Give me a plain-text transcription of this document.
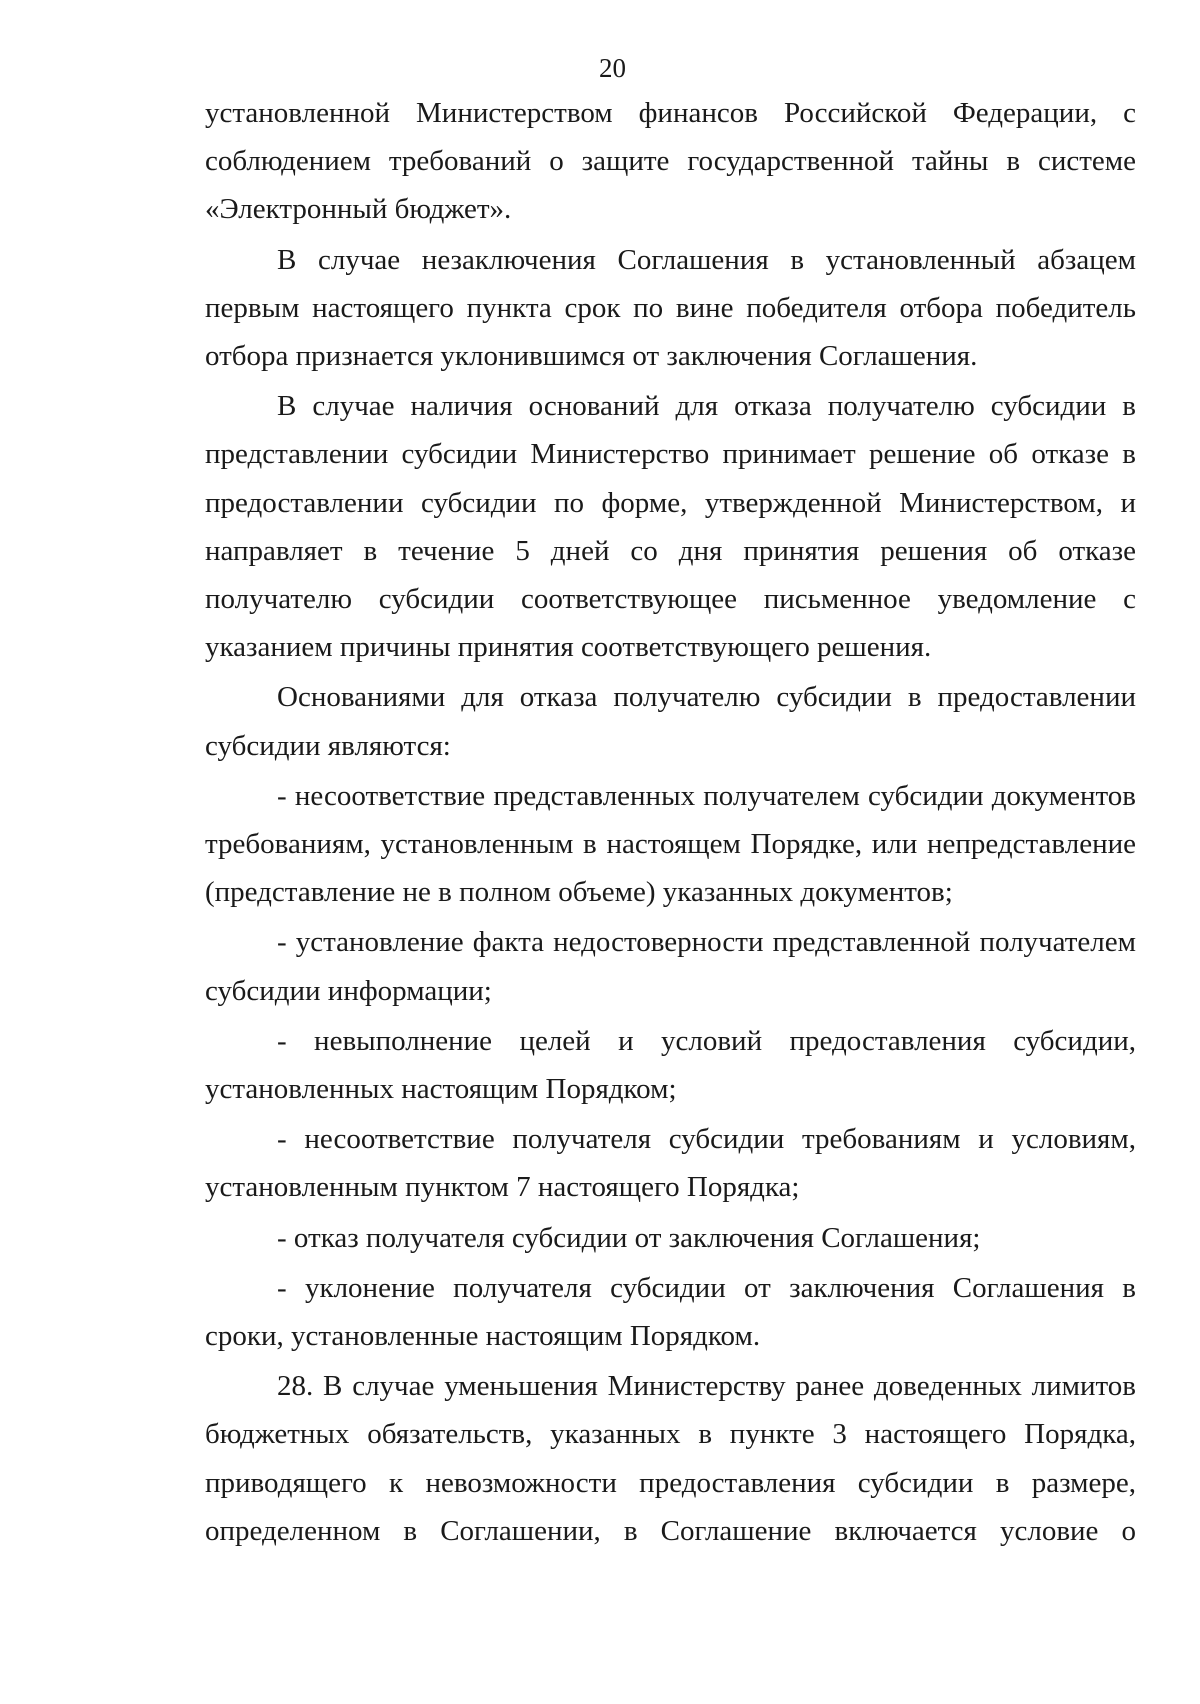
20

установленной Министерством финансов Российской Федерации, с соблюдением требований о защите государственной тайны в системе «Электронный бюджет».

В случае незаключения Соглашения в установленный абзацем первым настоящего пункта срок по вине победителя отбора победитель отбора признается уклонившимся от заключения Соглашения.

В случае наличия оснований для отказа получателю субсидии в представлении субсидии Министерство принимает решение об отказе в предоставлении субсидии по форме, утвержденной Министерством, и направляет в течение 5 дней со дня принятия решения об отказе получателю субсидии соответствующее письменное уведомление с указанием причины принятия соответствующего решения.

Основаниями для отказа получателю субсидии в предоставлении субсидии являются:

- несоответствие представленных получателем субсидии документов требованиям, установленным в настоящем Порядке, или непредставление (представление не в полном объеме) указанных документов;

- установление факта недостоверности представленной получателем субсидии информации;

- невыполнение целей и условий предоставления субсидии, установленных настоящим Порядком;

- несоответствие получателя субсидии требованиям и условиям, установленным пунктом 7 настоящего Порядка;

- отказ получателя субсидии от заключения Соглашения;

- уклонение получателя субсидии от заключения Соглашения в сроки, установленные настоящим Порядком.

28. В случае уменьшения Министерству ранее доведенных лимитов бюджетных обязательств, указанных в пункте 3 настоящего Порядка, приводящего к невозможности предоставления субсидии в размере, определенном в Соглашении, в Соглашение включается условие о
